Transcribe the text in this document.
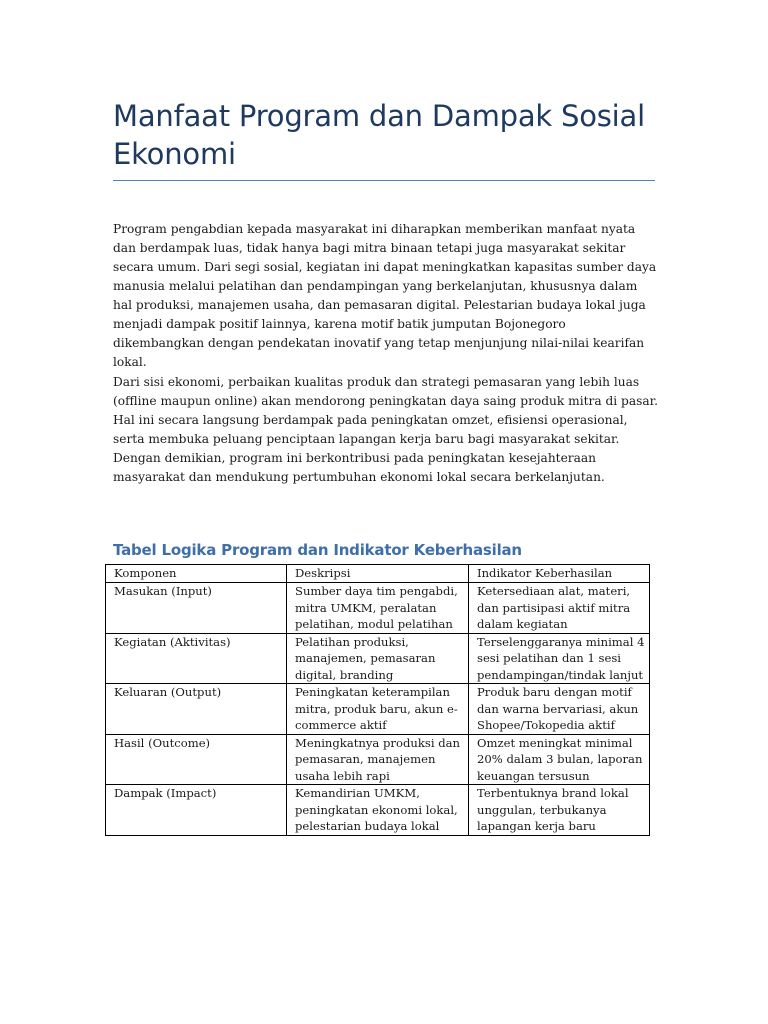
Manfaat Program dan Dampak Sosial Ekonomi

Program pengabdian kepada masyarakat ini diharapkan memberikan manfaat nyata dan berdampak luas, tidak hanya bagi mitra binaan tetapi juga masyarakat sekitar secara umum. Dari segi sosial, kegiatan ini dapat meningkatkan kapasitas sumber daya manusia melalui pelatihan dan pendampingan yang berkelanjutan, khususnya dalam hal produksi, manajemen usaha, dan pemasaran digital. Pelestarian budaya lokal juga menjadi dampak positif lainnya, karena motif batik jumputan Bojonegoro dikembangkan dengan pendekatan inovatif yang tetap menjunjung nilai-nilai kearifan lokal.

Dari sisi ekonomi, perbaikan kualitas produk dan strategi pemasaran yang lebih luas (offline maupun online) akan mendorong peningkatan daya saing produk mitra di pasar. Hal ini secara langsung berdampak pada peningkatan omzet, efisiensi operasional, serta membuka peluang penciptaan lapangan kerja baru bagi masyarakat sekitar. Dengan demikian, program ini berkontribusi pada peningkatan kesejahteraan masyarakat dan mendukung pertumbuhan ekonomi lokal secara berkelanjutan.

Tabel Logika Program dan Indikator Keberhasilan
Komponen	Deskripsi	Indikator Keberhasilan
Masukan (Input)	Sumber daya tim pengabdi, mitra UMKM, peralatan pelatihan, modul pelatihan	Ketersediaan alat, materi, dan partisipasi aktif mitra dalam kegiatan
Kegiatan (Aktivitas)	Pelatihan produksi, manajemen, pemasaran digital, branding	Terselenggaranya minimal 4 sesi pelatihan dan 1 sesi pendampingan/tindak lanjut
Keluaran (Output)	Peningkatan keterampilan mitra, produk baru, akun e-commerce aktif	Produk baru dengan motif dan warna bervariasi, akun Shopee/Tokopedia aktif
Hasil (Outcome)	Meningkatnya produksi dan pemasaran, manajemen usaha lebih rapi	Omzet meningkat minimal 20% dalam 3 bulan, laporan keuangan tersusun
Dampak (Impact)	Kemandirian UMKM, peningkatan ekonomi lokal, pelestarian budaya lokal	Terbentuknya brand lokal unggulan, terbukanya lapangan kerja baru
